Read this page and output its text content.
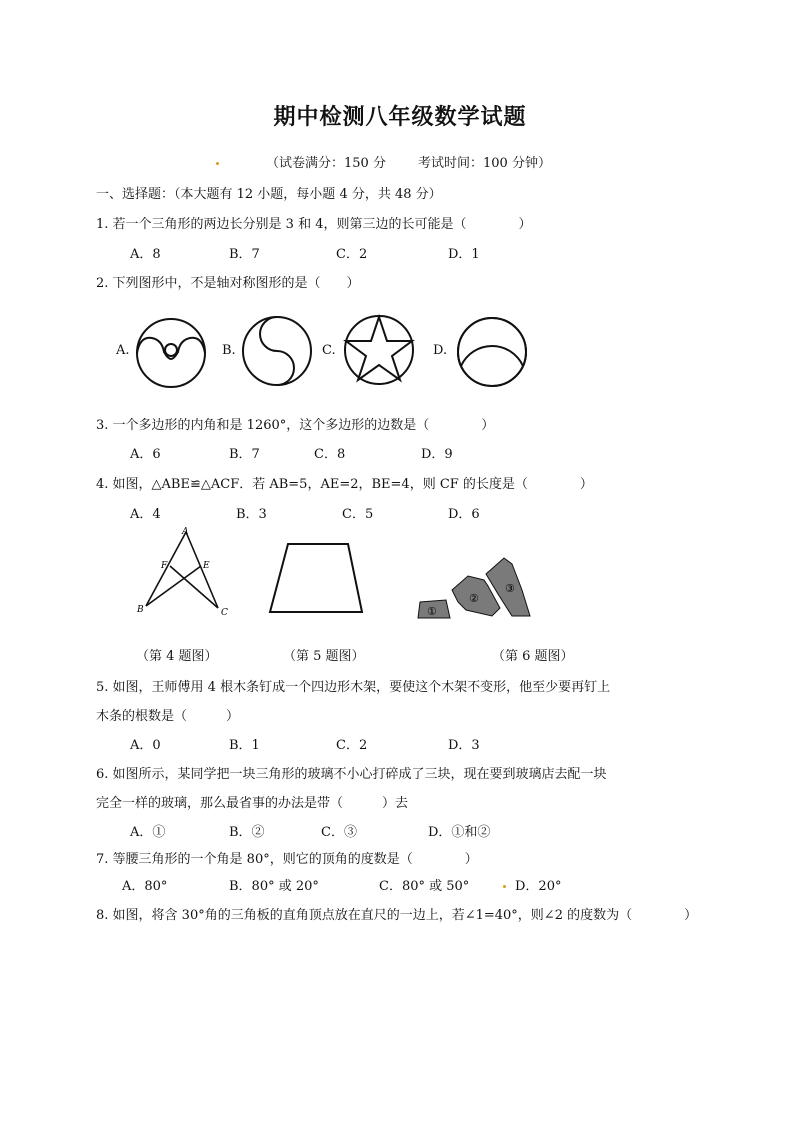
期中检测八年级数学试题
（试卷满分：150 分 考试时间：100 分钟）
一、选择题：（本大题有 12 小题，每小题 4 分，共 48 分）
1. 若一个三角形的两边长分别是 3 和 4，则第三边的长可能是（　　　　）
A．8	B．7	C．2	D．1
2. 下列图形中，不是轴对称图形的是（　　）
A.	B.	C.	D.
3. 一个多边形的内角和是 1260°，这个多边形的边数是（　　　　）
A．6	B．7	C．8	D．9
4. 如图，△ABE≌△ACF．若 AB=5，AE=2，BE=4，则 CF 的长度是（　　　　）
A．4	B．3	C．5	D．6
A
F	E
B	C	①
②
③
（第 4 题图）	（第 5 题图）	（第 6 题图）
5. 如图，王师傅用 4 根木条钉成一个四边形木架，要使这个木架不变形，他至少要再钉上
木条的根数是（　　　）
A．0	B．1	C．2	D．3
6. 如图所示，某同学把一块三角形的玻璃不小心打碎成了三块，现在要到玻璃店去配一块
完全一样的玻璃，那么最省事的办法是带（　　　）去
A．①	B．②	C．③	D．①和②
7. 等腰三角形的一个角是 80°，则它的顶角的度数是（　　　　）
A．80°	B．80° 或 20°	C．80° 或 50°	D．20°
8. 如图，将含 30°角的三角板的直角顶点放在直尺的一边上，若∠1=40°，则∠2 的度数为（　　　　）
